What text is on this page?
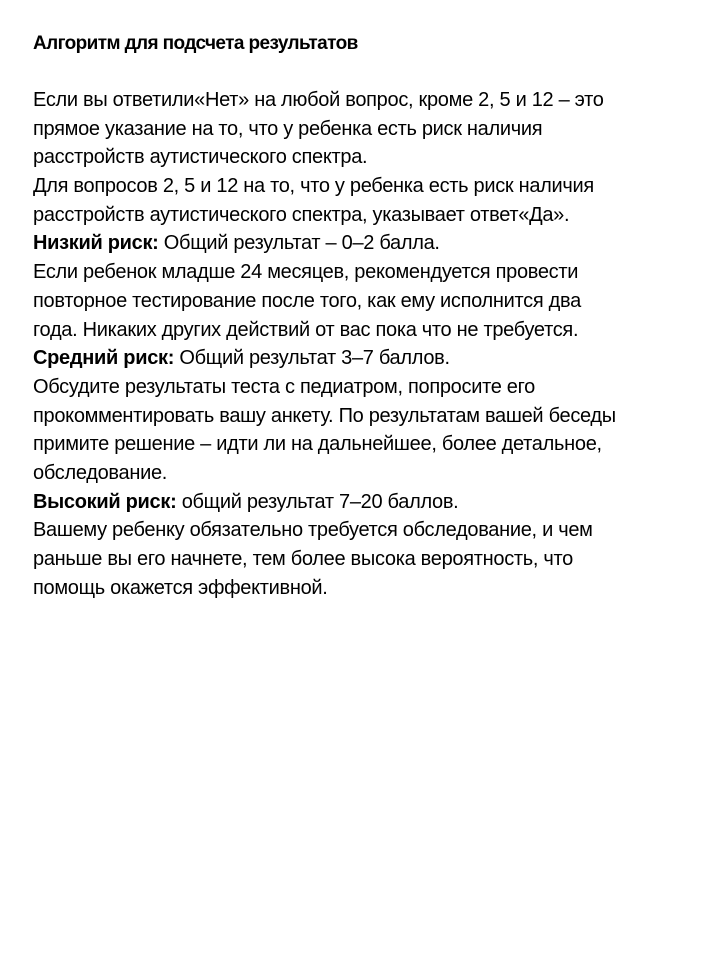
Алгоритм для подсчета результатов
Если вы ответили«Нет» на любой вопрос, кроме 2, 5 и 12 – это
прямое указание на то, что у ребенка есть риск наличия
расстройств аутистического спектра.
Для вопросов 2, 5 и 12 на то, что у ребенка есть риск наличия
расстройств аутистического спектра, указывает ответ«Да».
Низкий риск: Общий результат – 0–2 балла.
Если ребенок младше 24 месяцев, рекомендуется провести
повторное тестирование после того, как ему исполнится два
года. Никаких других действий от вас пока что не требуется.
Средний риск: Общий результат 3–7 баллов.
Обсудите результаты теста с педиатром, попросите его
прокомментировать вашу анкету. По результатам вашей беседы
примите решение – идти ли на дальнейшее, более детальное,
обследование.
Высокий риск: общий результат 7–20 баллов.
Вашему ребенку обязательно требуется обследование, и чем
раньше вы его начнете, тем более высока вероятность, что
помощь окажется эффективной.
